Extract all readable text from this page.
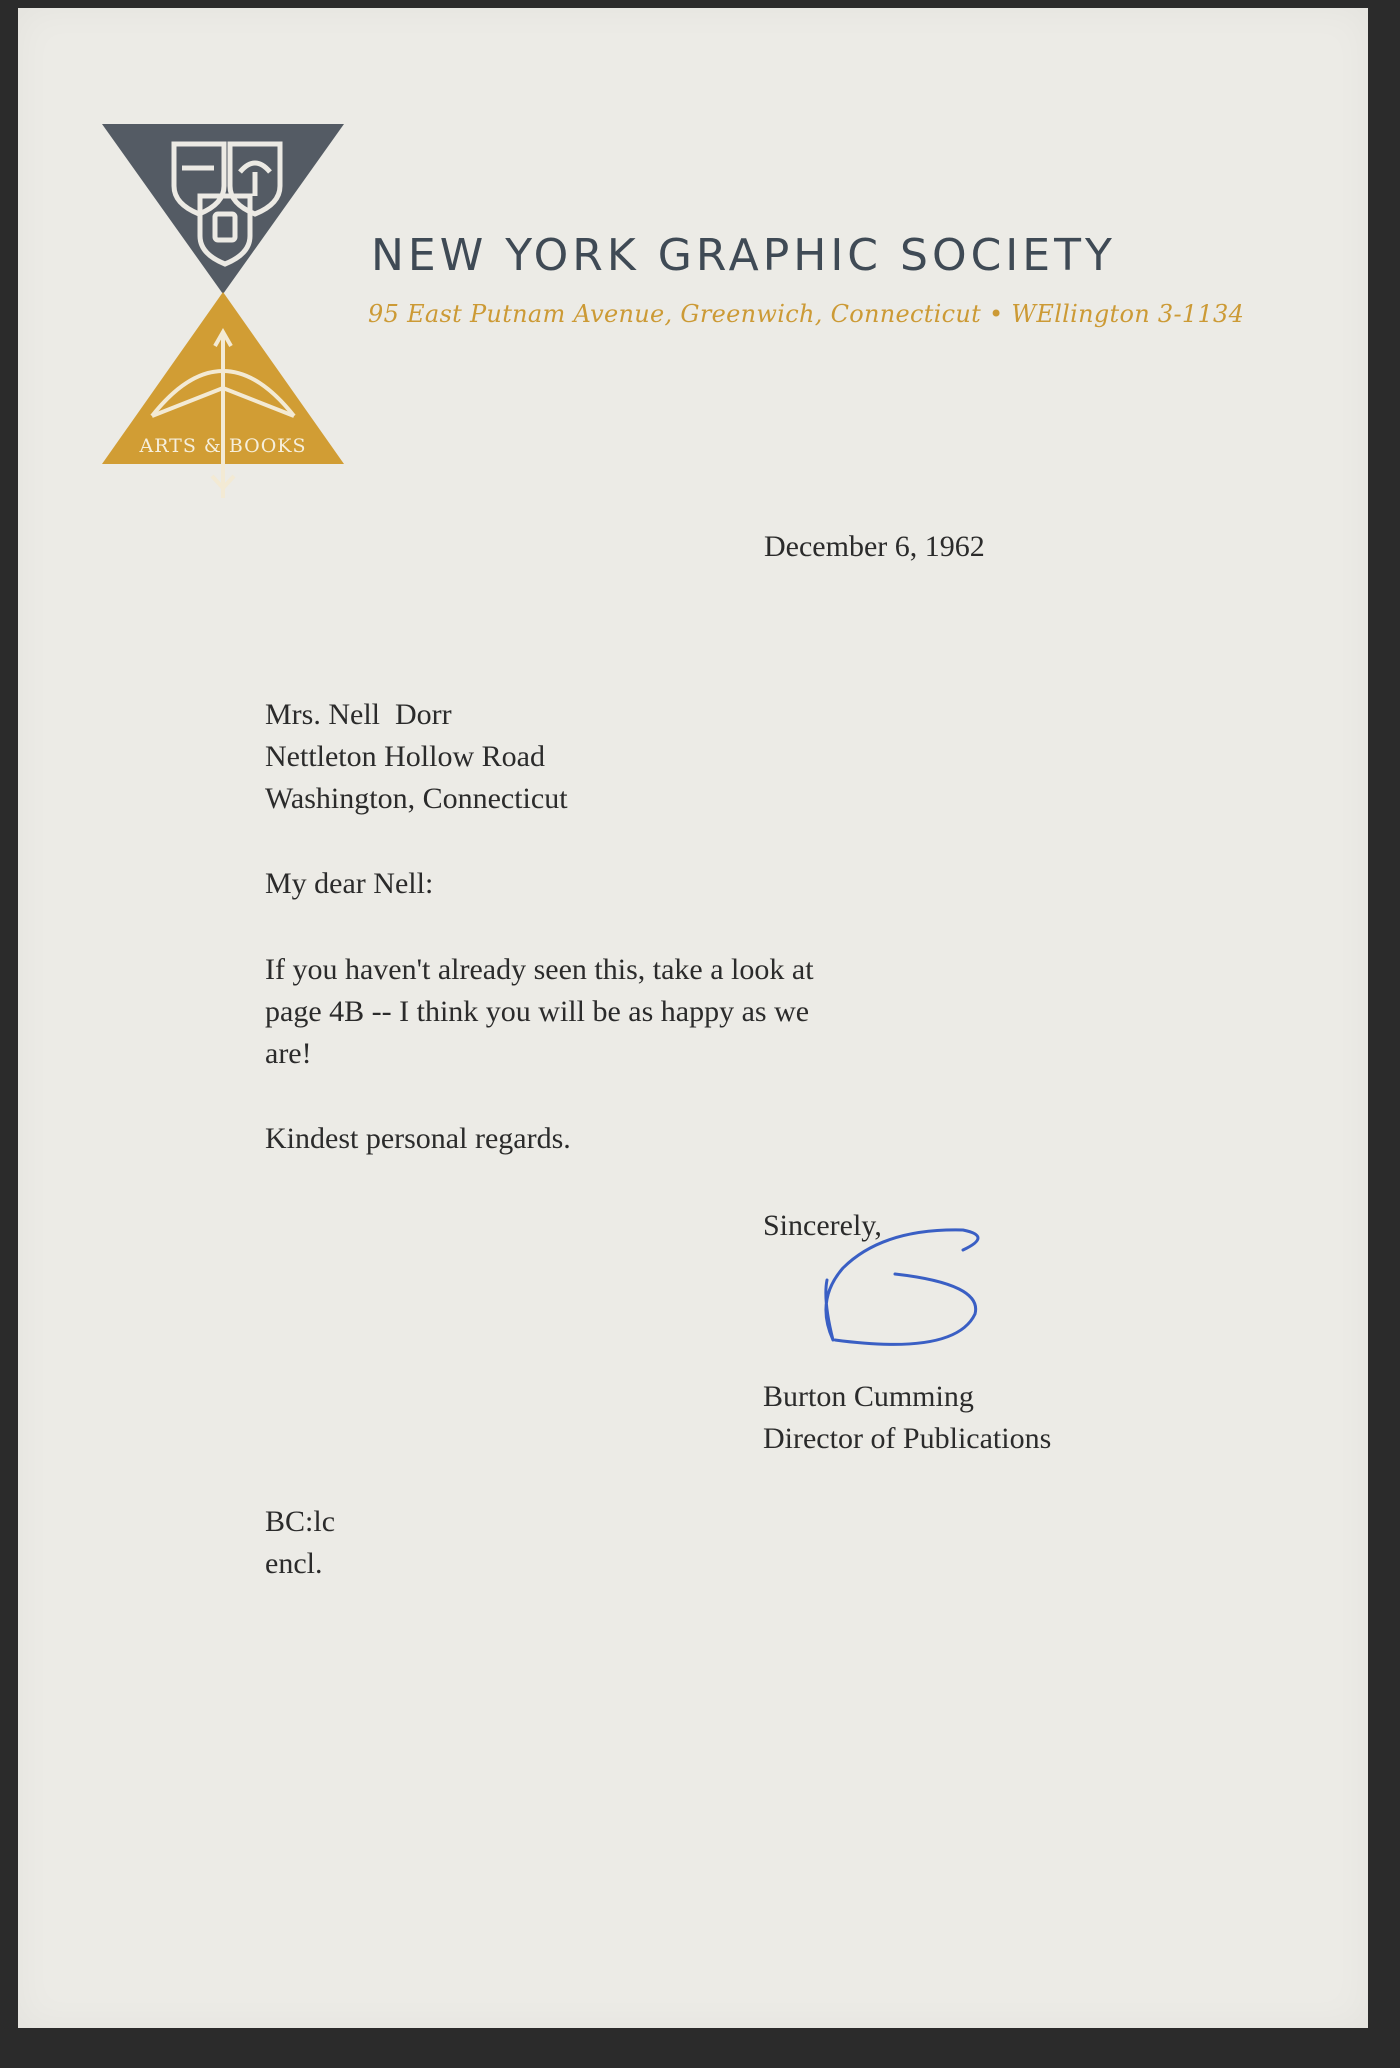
ARTS & BOOKS
NEW YORK GRAPHIC SOCIETY
95 East Putnam Avenue, Greenwich, Connecticut • WEllington 3-1134
December 6, 1962
Mrs. Nell  Dorr
Nettleton Hollow Road
Washington, Connecticut
My dear Nell:
If you haven't already seen this, take a look at
page 4B -- I think you will be as happy as we
are!
Kindest personal regards.
Sincerely,
Burton Cumming
Director of Publications
BC:lc
encl.
